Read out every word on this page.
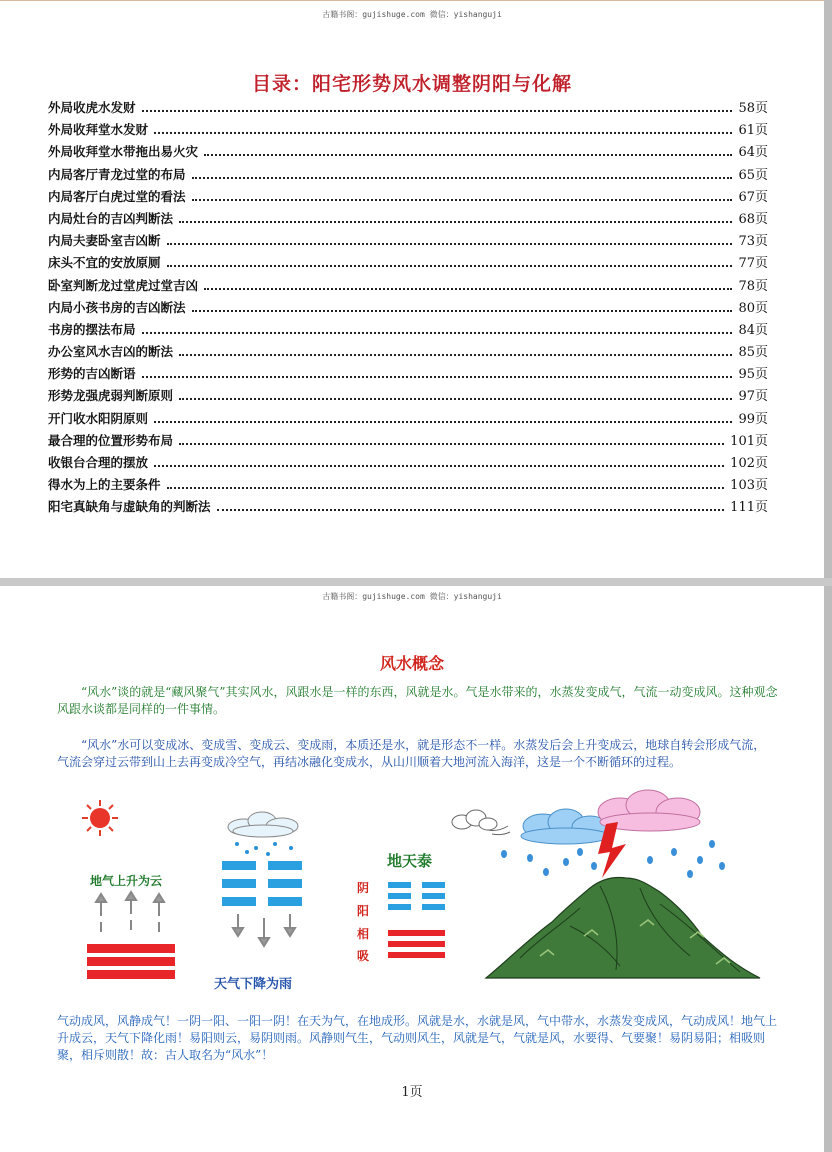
古籍书阁：gujishuge.com 微信：yishanguji
目录：阳宅形势风水调整阴阳与化解
外局收虎水发财	58页
外局收拜堂水发财	61页
外局收拜堂水带拖出易火灾	64页
内局客厅青龙过堂的布局	65页
内局客厅白虎过堂的看法	67页
内局灶台的吉凶判断法	68页
内局夫妻卧室吉凶断	73页
床头不宜的安放原厕	77页
卧室判断龙过堂虎过堂吉凶	78页
内局小孩书房的吉凶断法	80页
书房的摆法布局	84页
办公室风水吉凶的断法	85页
形势的吉凶断语	95页
形势龙强虎弱判断原则	97页
开门收水阳阴原则	99页
最合理的位置形势布局	101页
收银台合理的摆放	102页
得水为上的主要条件	103页
阳宅真缺角与虚缺角的判断法	111页
古籍书阁：gujishuge.com 微信：yishanguji
风水概念

“风水”谈的就是“藏风聚气”其实风水，风跟水是一样的东西，风就是水。气是水带来的，水蒸发变成气，气流一动变成风。这种观念风跟水谈都是同样的一件事情。

“风水”水可以变成冰、变成雪、变成云、变成雨，本质还是水，就是形态不一样。水蒸发后会上升变成云，地球自转会形成气流，气流会穿过云带到山上去再变成冷空气，再结冰融化变成水，从山川顺着大地河流入海洋，这是一个不断循环的过程。

地气上升为云
天气下降为雨
地天泰
阴
阳
相
吸

气动成风，风静成气！一阴一阳、一阳一阴！在天为气，在地成形。风就是水，水就是风，气中带水，水蒸发变成风，气动成风！地气上升成云，天气下降化雨！易阳则云，易阴则雨。风静则气生，气动则风生，风就是气，气就是风，水要得、气要聚！易阴易阳；相吸则聚，相斥则散！故：古人取名为“风水”！

1页
